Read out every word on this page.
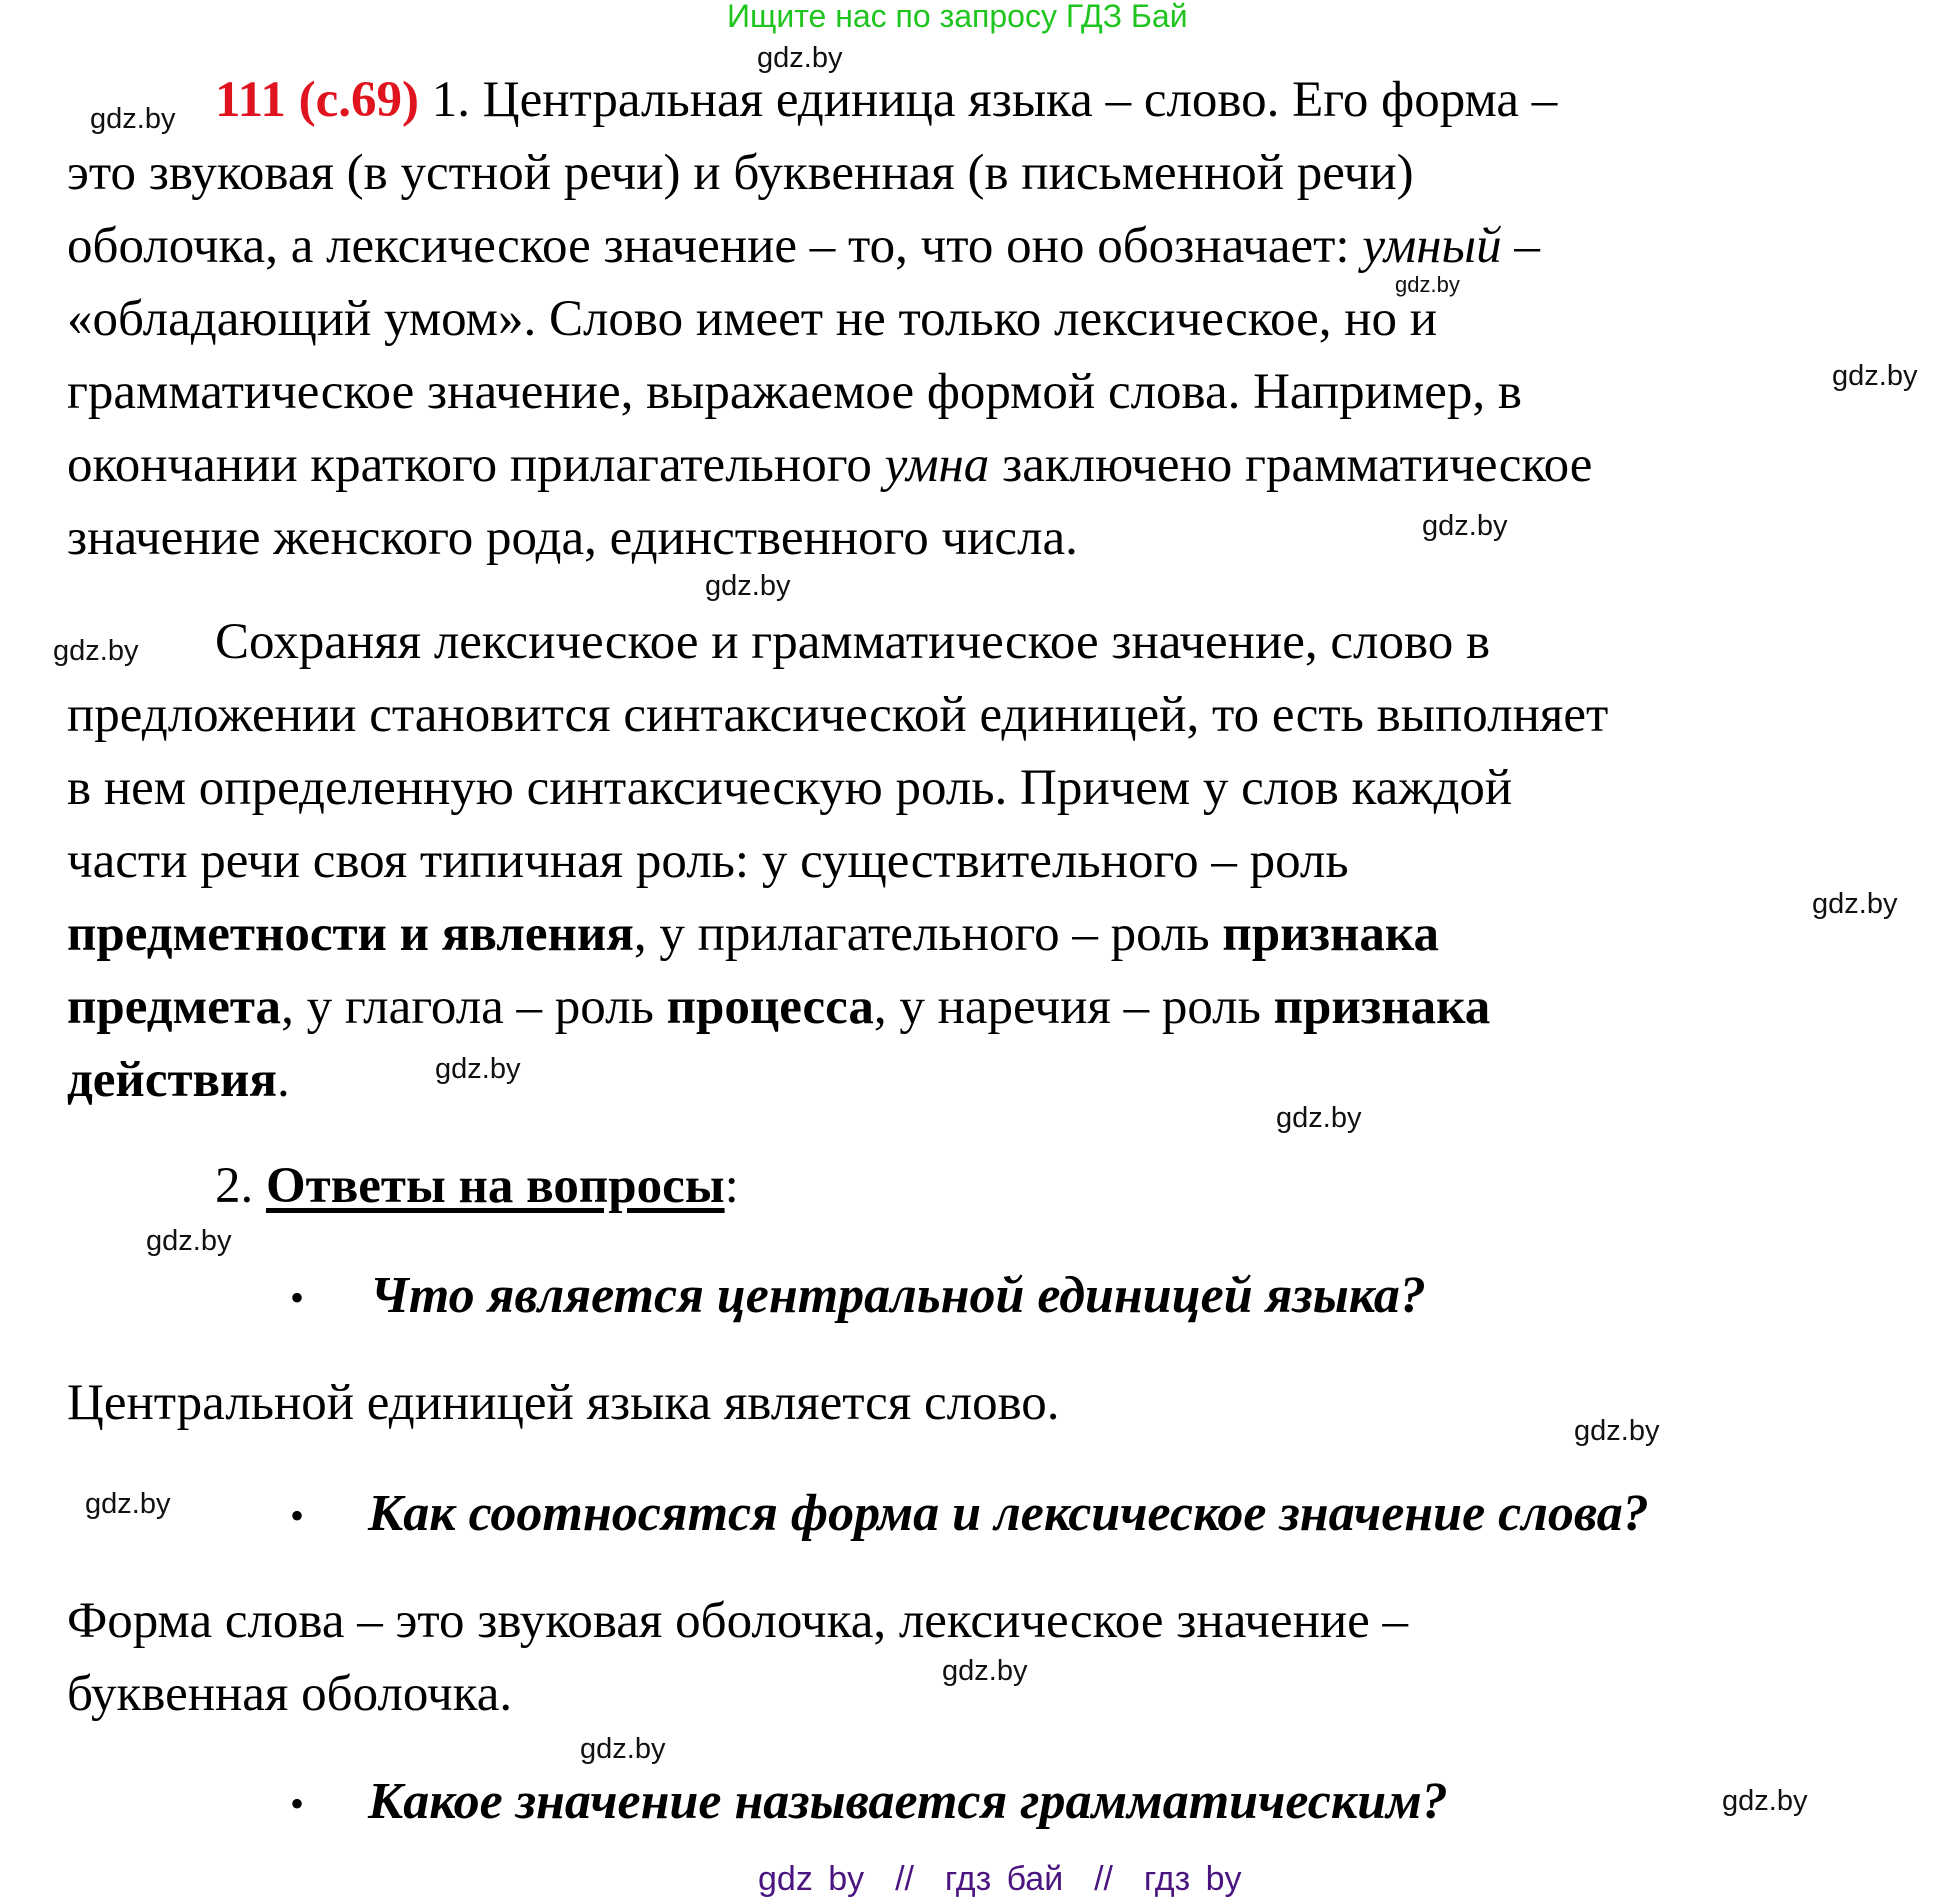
Ищите нас по запросу ГДЗ Бай
gdz.by
gdz.by
gdz.by
gdz.by
gdz.by
gdz.by
gdz.by
gdz.by
gdz.by
gdz.by
gdz.by
gdz.by
gdz.by
gdz.by
gdz.by
gdz.by
111 (с.69) 1. Центральная единица языка – слово. Его форма –
это звуковая (в устной речи) и буквенная (в письменной речи)
оболочка, а лексическое значение – то, что оно обозначает: умный –
«обладающий умом». Слово имеет не только лексическое, но и
грамматическое значение, выражаемое формой слова. Например, в
окончании краткого прилагательного умна заключено грамматическое
значение женского рода, единственного числа.
Сохраняя лексическое и грамматическое значение, слово в
предложении становится синтаксической единицей, то есть выполняет
в нем определенную синтаксическую роль. Причем у слов каждой
части речи своя типичная роль: у существительного – роль
предметности и явления, у прилагательного – роль признака
предмета, у глагола – роль процесса, у наречия – роль признака
действия.
2. Ответы на вопросы:
• Что является центральной единицей языка?
Центральной единицей языка является слово.
• Как соотносятся форма и лексическое значение слова?
Форма слова – это звуковая оболочка, лексическое значение –
буквенная оболочка.
• Какое значение называется грамматическим?
gdz by  //  гдз бай  //  гдз by
